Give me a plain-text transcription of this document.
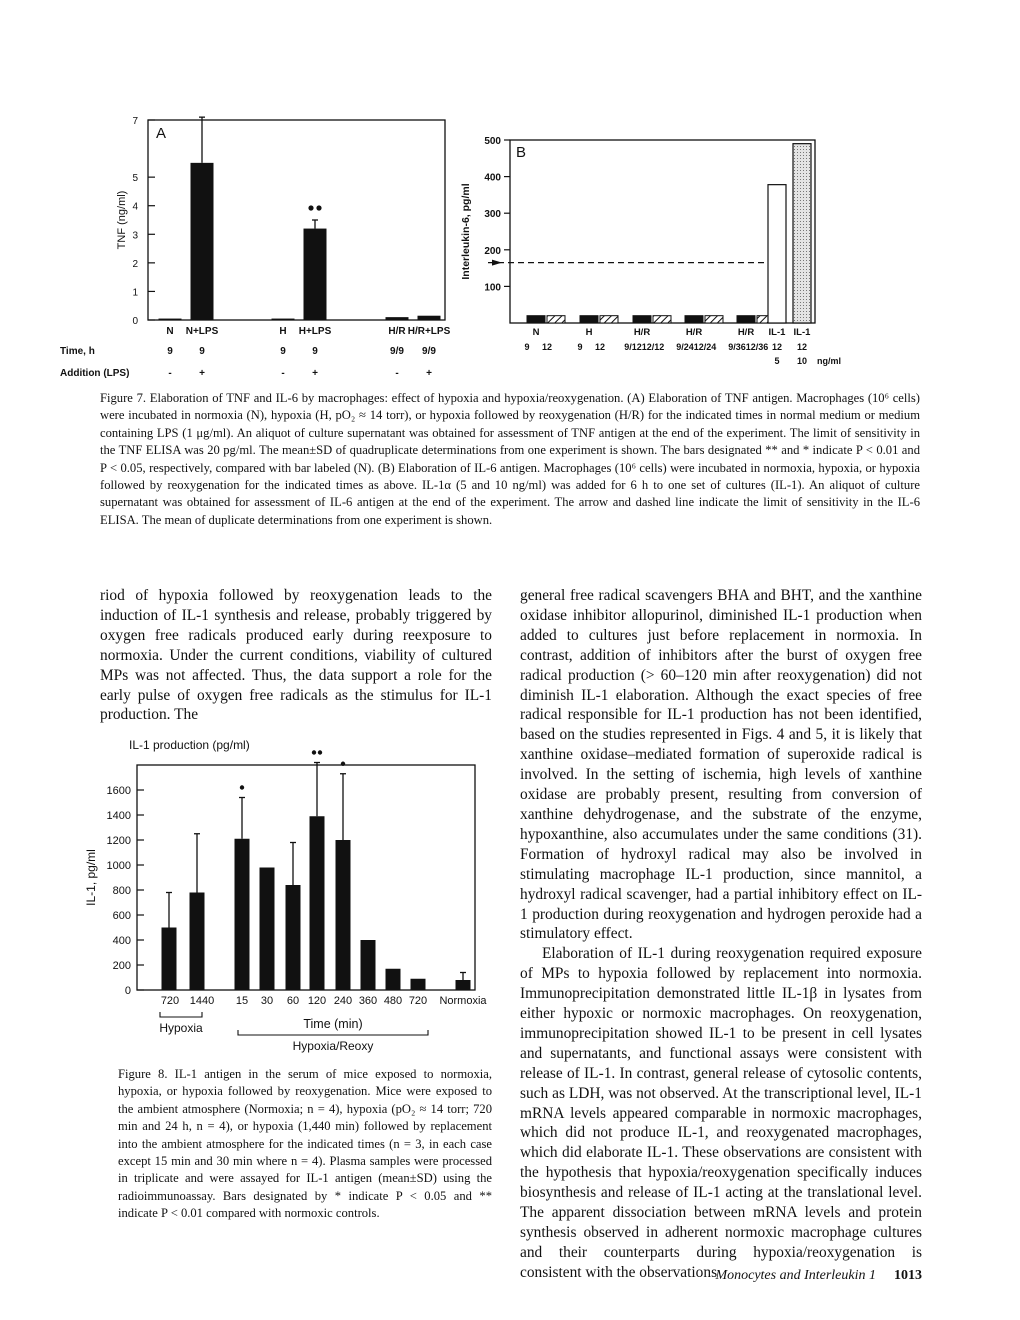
A
0
1
2
3
4
5
7
TNF (ng/ml)
N
9
-
N+LPS
9
+
H
9
-
H+LPS
9
+
H/R
9/9
-
H/R+LPS
9/9
+
Time, h
Addition (LPS)
B
100
200
300
400
500
Interleukin-6, pg/ml
N
9 12
H
9 12
H/R
9/12 12/12
H/R
9/24 12/24
H/R
9/36 12/36
IL-1
12
5
IL-1
12
10 ng/ml
Figure 7. Elaboration of TNF and IL-6 by macrophages: effect of hypoxia and hypoxia/reoxygenation. (A) Elaboration of TNF antigen. Macrophages (10⁶ cells) were incubated in normoxia (N), hypoxia (H, pO₂ ≈ 14 torr), or hypoxia followed by reoxygenation (H/R) for the indicated times in normal medium or medium containing LPS (1 μg/ml). An aliquot of culture supernatant was obtained for assessment of TNF antigen at the end of the experiment. The limit of sensitivity in the TNF ELISA was 20 pg/ml. The mean±SD of quadruplicate determinations from one experiment is shown. The bars designated ** and * indicate P < 0.01 and P < 0.05, respectively, compared with bar labeled (N). (B) Elaboration of IL-6 antigen. Macrophages (10⁶ cells) were incubated in normoxia, hypoxia, or hypoxia followed by reoxygenation for the indicated times as above. IL-1α (5 and 10 ng/ml) was added for 6 h to one set of cultures (IL-1). An aliquot of culture supernatant was obtained for assessment of IL-6 antigen at the end of the experiment. The arrow and dashed line indicate the limit of sensitivity in the IL-6 ELISA. The mean of duplicate determinations from one experiment is shown.

riod of hypoxia followed by reoxygenation leads to the induction of IL-1 synthesis and release, probably triggered by oxygen free radicals produced early during reexposure to normoxia. Under the current conditions, viability of cultured MPs was not affected. Thus, the data support a role for the early pulse of oxygen free radicals as the stimulus for IL-1 production. The

IL-1 production (pg/ml)
0
200
400
600
800
1000
1200
1400
1600
IL-1, pg/ml
720 1440 15 30 60 120 240 360 480 720 Normoxia
Hypoxia	Time (min)
Hypoxia/Reoxy
Figure 8. IL-1 antigen in the serum of mice exposed to normoxia, hypoxia, or hypoxia followed by reoxygenation. Mice were exposed to the ambient atmosphere (Normoxia; n = 4), hypoxia (pO₂ ≈ 14 torr; 720 min and 24 h, n = 4), or hypoxia (1,440 min) followed by replacement into the ambient atmosphere for the indicated times (n = 3, in each case except 15 min and 30 min where n = 4). Plasma samples were processed in triplicate and were assayed for IL-1 antigen (mean±SD) using the radioimmunoassay. Bars designated by * indicate P < 0.05 and ** indicate P < 0.01 compared with normoxic controls.

general free radical scavengers BHA and BHT, and the xanthine oxidase inhibitor allopurinol, diminished IL-1 production when added to cultures just before replacement in normoxia. In contrast, addition of inhibitors after the burst of oxygen free radical production (> 60–120 min after reoxygenation) did not diminish IL-1 elaboration. Although the exact species of free radical responsible for IL-1 production has not been identified, based on the studies represented in Figs. 4 and 5, it is likely that xanthine oxidase–mediated formation of superoxide radical is involved. In the setting of ischemia, high levels of xanthine oxidase are probably present, resulting from conversion of xanthine dehydrogenase, and the substrate of the enzyme, hypoxanthine, also accumulates under the same conditions (31). Formation of hydroxyl radical may also be involved in stimulating macrophage IL-1 production, since mannitol, a hydroxyl radical scavenger, had a partial inhibitory effect on IL-1 production during reoxygenation and hydrogen peroxide had a stimulatory effect.

Elaboration of IL-1 during reoxygenation required exposure of MPs to hypoxia followed by replacement into normoxia. Immunoprecipitation demonstrated little IL-1β in lysates from either hypoxic or normoxic macrophages. On reoxygenation, immunoprecipitation showed IL-1 to be present in cell lysates and supernatants, and functional assays were consistent with release of IL-1. In contrast, general release of cytosolic contents, such as LDH, was not observed. At the transcriptional level, IL-1 mRNA levels appeared comparable in normoxic macrophages, which did not produce IL-1, and reoxygenated macrophages, which did elaborate IL-1. These observations are consistent with the hypothesis that hypoxia/reoxygenation specifically induces biosynthesis and release of IL-1 acting at the translational level. The apparent dissociation between mRNA levels and protein synthesis observed in adherent normoxic macrophage cultures and their counterparts during hypoxia/reoxygenation is consistent with the observations

Monocytes and Interleukin 1 1013
